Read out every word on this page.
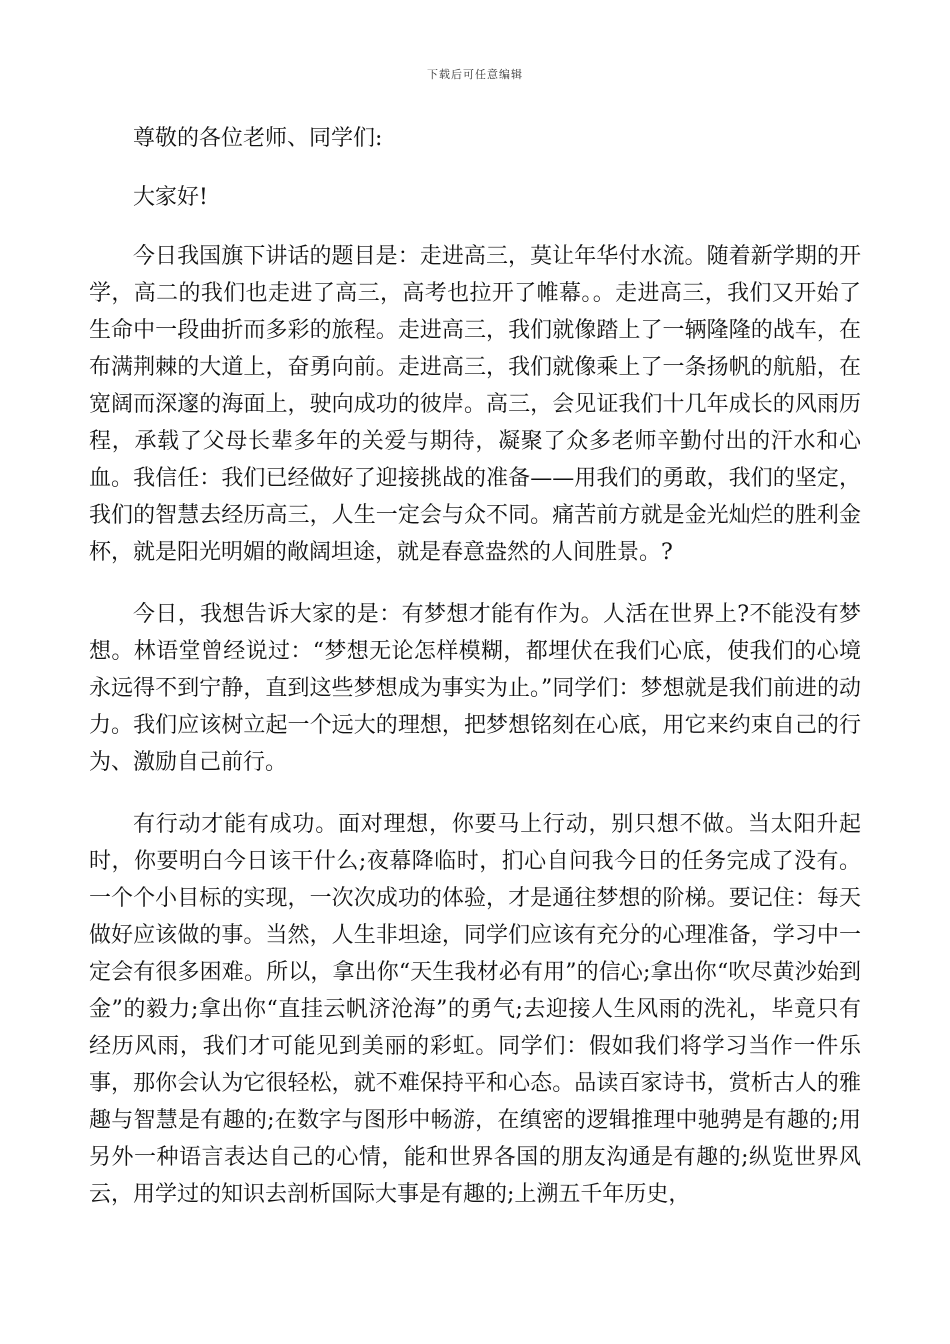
下载后可任意编辑

尊敬的各位老师、同学们:

大家好!

今日我国旗下讲话的题目是：走进高三，莫让年华付水流。随着新学期的开学，高二的我们也走进了高三，高考也拉开了帷幕。。走进高三，我们又开始了生命中一段曲折而多彩的旅程。走进高三，我们就像踏上了一辆隆隆的战车，在布满荆棘的大道上，奋勇向前。走进高三，我们就像乘上了一条扬帆的航船，在宽阔而深邃的海面上，驶向成功的彼岸。高三，会见证我们十几年成长的风雨历程，承载了父母长辈多年的关爱与期待，凝聚了众多老师辛勤付出的汗水和心血。我信任：我们已经做好了迎接挑战的准备——用我们的勇敢，我们的坚定，我们的智慧去经历高三，人生一定会与众不同。痛苦前方就是金光灿烂的胜利金杯，就是阳光明媚的敞阔坦途，就是春意盎然的人间胜景。?

今日，我想告诉大家的是：有梦想才能有作为。人活在世界上?不能没有梦想。林语堂曾经说过：“梦想无论怎样模糊，都埋伏在我们心底，使我们的心境永远得不到宁静，直到这些梦想成为事实为止。”同学们：梦想就是我们前进的动力。我们应该树立起一个远大的理想，把梦想铭刻在心底，用它来约束自己的行为、激励自己前行。

有行动才能有成功。面对理想，你要马上行动，别只想不做。当太阳升起时，你要明白今日该干什么;夜幕降临时，扪心自问我今日的任务完成了没有。一个个小目标的实现，一次次成功的体验，才是通往梦想的阶梯。要记住：每天做好应该做的事。当然，人生非坦途，同学们应该有充分的心理准备，学习中一定会有很多困难。所以，拿出你“天生我材必有用”的信心;拿出你“吹尽黄沙始到金”的毅力;拿出你“直挂云帆济沧海”的勇气;去迎接人生风雨的洗礼，毕竟只有经历风雨，我们才可能见到美丽的彩虹。同学们：假如我们将学习当作一件乐事，那你会认为它很轻松，就不难保持平和心态。品读百家诗书，赏析古人的雅趣与智慧是有趣的;在数字与图形中畅游，在缜密的逻辑推理中驰骋是有趣的;用另外一种语言表达自己的心情，能和世界各国的朋友沟通是有趣的;纵览世界风云，用学过的知识去剖析国际大事是有趣的;上溯五千年历史，
